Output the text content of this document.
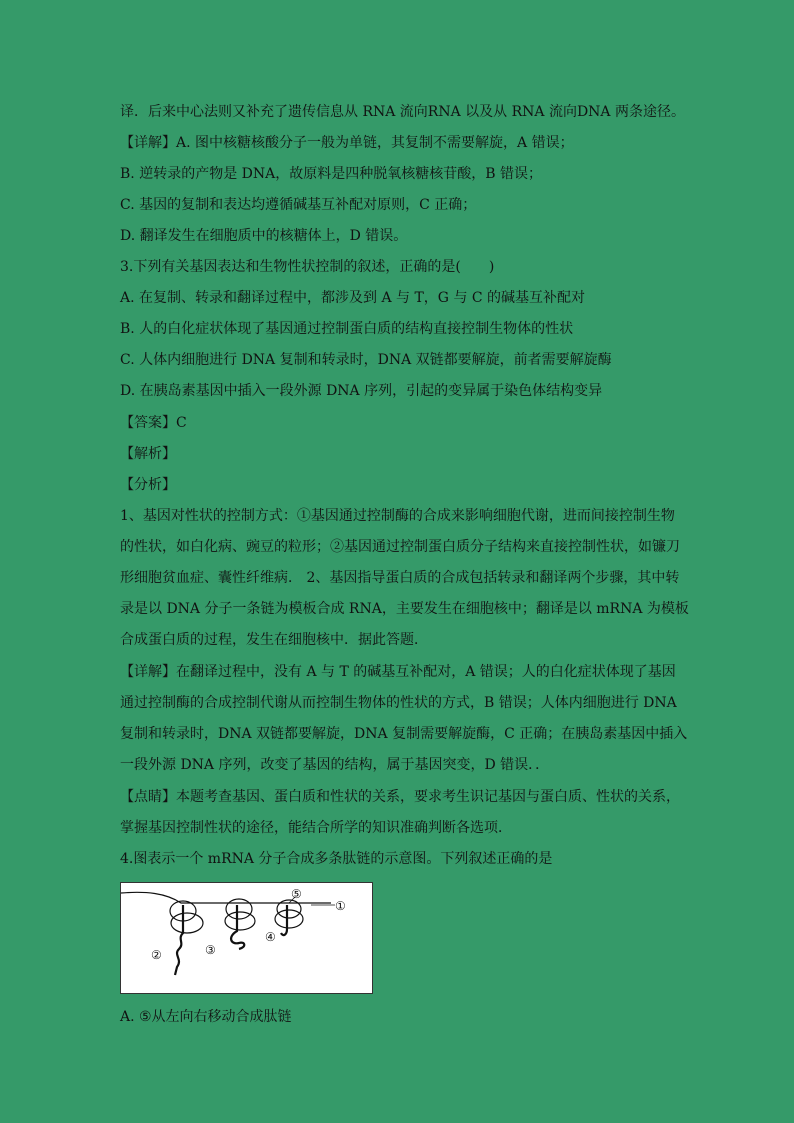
译．后来中心法则又补充了遗传信息从 RNA 流向RNA 以及从 RNA 流向DNA 两条途径。
【详解】A. 图中核糖核酸分子一般为单链，其复制不需要解旋，A 错误；
B. 逆转录的产物是 DNA，故原料是四种脱氧核糖核苷酸，B 错误；
C. 基因的复制和表达均遵循碱基互补配对原则，C 正确；
D. 翻译发生在细胞质中的核糖体上，D 错误。
3.下列有关基因表达和生物性状控制的叙述，正确的是(　　)
A. 在复制、转录和翻译过程中，都涉及到 A 与 T，G 与 C 的碱基互补配对
B. 人的白化症状体现了基因通过控制蛋白质的结构直接控制生物体的性状
C. 人体内细胞进行 DNA 复制和转录时，DNA 双链都要解旋，前者需要解旋酶
D. 在胰岛素基因中插入一段外源 DNA 序列，引起的变异属于染色体结构变异
【答案】C
【解析】
【分析】
1、基因对性状的控制方式：①基因通过控制酶的合成来影响细胞代谢，进而间接控制生物
的性状，如白化病、豌豆的粒形；②基因通过控制蛋白质分子结构来直接控制性状，如镰刀
形细胞贫血症、囊性纤维病． 2、基因指导蛋白质的合成包括转录和翻译两个步骤，其中转
录是以 DNA 分子一条链为模板合成 RNA，主要发生在细胞核中；翻译是以 mRNA 为模板
合成蛋白质的过程，发生在细胞核中．据此答题．
【详解】在翻译过程中，没有 A 与 T 的碱基互补配对，A 错误；人的白化症状体现了基因
通过控制酶的合成控制代谢从而控制生物体的性状的方式，B 错误；人体内细胞进行 DNA
复制和转录时，DNA 双链都要解旋，DNA 复制需要解旋酶，C 正确；在胰岛素基因中插入
一段外源 DNA 序列，改变了基因的结构，属于基因突变，D 错误．．
【点睛】本题考查基因、蛋白质和性状的关系，要求考生识记基因与蛋白质、性状的关系，
掌握基因控制性状的途径，能结合所学的知识准确判断各选项．
4.图表示一个 mRNA 分子合成多条肽链的示意图。下列叙述正确的是
①
②	③
④
⑤
A. ⑤从左向右移动合成肽链
